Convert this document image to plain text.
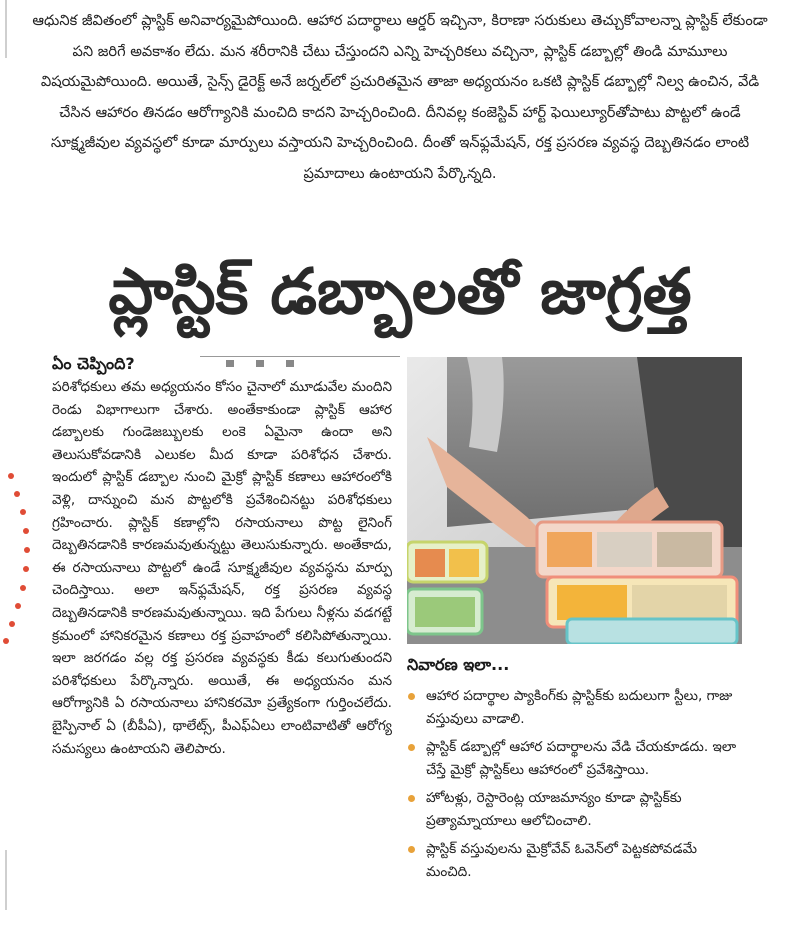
ఆధునిక జీవితంలో ప్లాస్టిక్ అనివార్యమైపోయింది. ఆహార పదార్థాలు ఆర్డర్ ఇచ్చినా, కిరాణా సరుకులు తెచ్చుకోవాలన్నా ప్లాస్టిక్ లేకుండా పని జరిగే అవకాశం లేదు. మన శరీరానికి చేటు చేస్తుందని ఎన్ని హెచ్చరికలు వచ్చినా, ప్లాస్టిక్ డబ్బాల్లో తిండి మామూలు విషయమైపోయింది. అయితే, సైన్స్ డైరెక్ట్ అనే జర్నల్‌లో ప్రచురితమైన తాజా అధ్యయనం ఒకటి ప్లాస్టిక్ డబ్బాల్లో నిల్వ ఉంచిన, వేడి చేసిన ఆహారం తినడం ఆరోగ్యానికి మంచిది కాదని హెచ్చరించింది. దీనివల్ల కంజెస్టివ్ హార్ట్ ఫెయిల్యూర్‌తోపాటు పొట్టలో ఉండే సూక్ష్మజీవుల వ్యవస్థలో కూడా మార్పులు వస్తాయని హెచ్చరించింది. దీంతో ఇన్‌ఫ్లమేషన్, రక్త ప్రసరణ వ్యవస్థ దెబ్బతినడం లాంటి ప్రమాదాలు ఉంటాయని పేర్కొన్నది.

ప్లాస్టిక్ డబ్బాలతో జాగ్రత్త
ఏం చెప్పింది?

పరిశోధకులు తమ అధ్యయనం కోసం చైనాలో మూడువేల మందిని రెండు విభాగాలుగా చేశారు. అంతేకాకుండా ప్లాస్టిక్ ఆహార డబ్బాలకు గుండెజబ్బులకు లంకె ఏమైనా ఉందా అని తెలుసుకోవడానికి ఎలుకల మీద కూడా పరిశోధన చేశారు. ఇందులో ప్లాస్టిక్ డబ్బాల నుంచి మైక్రో ప్లాస్టిక్ కణాలు ఆహారంలోకి వెళ్లి, దాన్నుంచి మన పొట్టలోకి ప్రవేశించినట్టు పరిశోధకులు గ్రహించారు. ప్లాస్టిక్ కణాల్లోని రసాయనాలు పొట్ట లైనింగ్ దెబ్బతినడానికి కారణమవుతున్నట్టు తెలుసుకున్నారు. అంతేకాదు, ఈ రసాయనాలు పొట్టలో ఉండే సూక్ష్మజీవుల వ్యవస్థను మార్పు చెందిస్తాయి. అలా ఇన్‌ఫ్లమేషన్, రక్త ప్రసరణ వ్యవస్థ దెబ్బతినడానికి కారణమవుతున్నాయి. ఇది పేగులు నీళ్లను వడగట్టే క్రమంలో హానికరమైన కణాలు రక్త ప్రవాహంలో కలిసిపోతున్నాయి. ఇలా జరగడం వల్ల రక్త ప్రసరణ వ్యవస్థకు కీడు కలుగుతుందని పరిశోధకులు పేర్కొన్నారు. అయితే, ఈ అధ్యయనం మన ఆరోగ్యానికి ఏ రసాయనాలు హానికరమో ప్రత్యేకంగా గుర్తించలేదు. బైస్పినాల్ ఏ (బీపీఏ), థాలేట్స్, పీఎఫ్ఏలు లాంటివాటితో ఆరోగ్య సమస్యలు ఉంటాయని తెలిపారు.

నివారణ ఇలా...
ఆహార పదార్థాల ప్యాకింగ్‌కు ప్లాస్టిక్‌కు బదులుగా స్టీలు, గాజు వస్తువులు వాడాలి.
ప్లాస్టిక్ డబ్బాల్లో ఆహార పదార్థాలను వేడి చేయకూడదు. ఇలా చేస్తే మైక్రో ప్లాస్టిక్‌లు ఆహారంలో ప్రవేశిస్తాయి.
హోటళ్లు, రెస్టారెంట్ల యాజమాన్యం కూడా ప్లాస్టిక్‌కు ప్రత్యామ్నాయాలు ఆలోచించాలి.
ప్లాస్టిక్ వస్తువులను మైక్రోవేవ్ ఓవెన్‌లో పెట్టకపోవడమే మంచిది.
